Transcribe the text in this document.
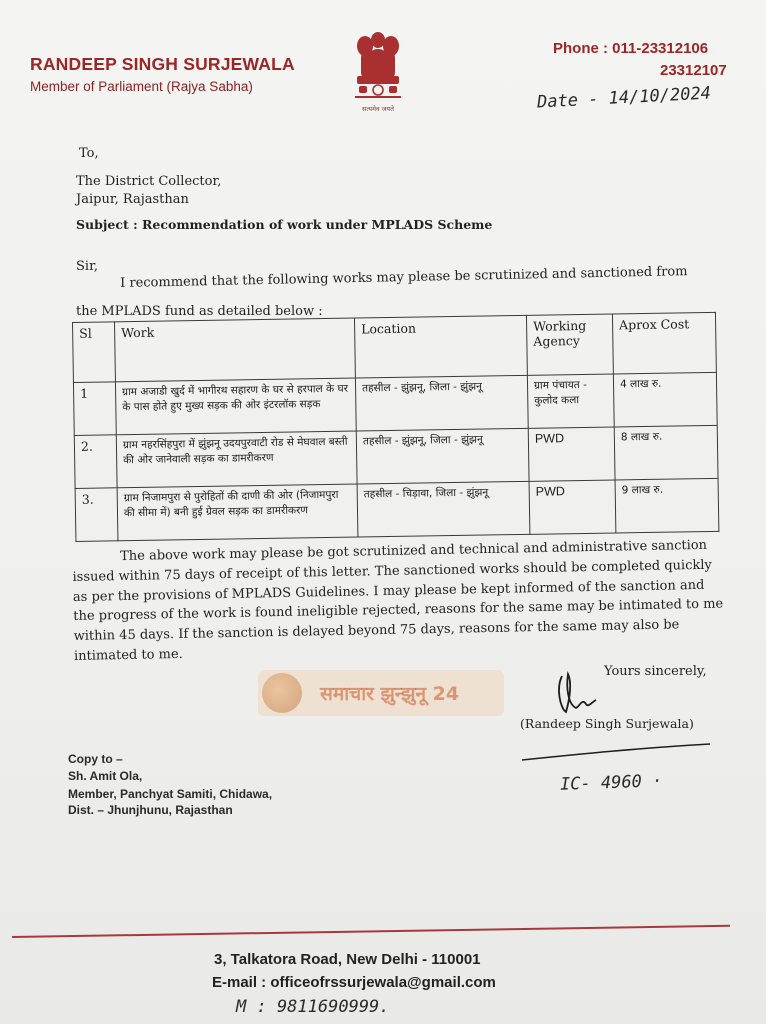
RANDEEP SINGH SURJEWALA
Member of Parliament (Rajya Sabha)
सत्यमेव जयते
Phone : 011-23312106
23312107
Date - 14/10/2024
To,
The District Collector,
Jaipur, Rajasthan
Subject : Recommendation of work under MPLADS Scheme
Sir, I recommend that the following works may please be scrutinized and sanctioned from
the MPLADS fund as detailed below :
Sl	Work	Location	Working Agency	Aprox Cost
1	ग्राम अजाडी खुर्द में भागीरथ सहारण के घर से हरपाल के घर के पास होते हुए मुख्य सड़क की ओर इंटरलॉक सड़क	तहसील - झुंझनू, जिला - झुंझनू	ग्राम पंचायत - कुलोद कला	4 लाख रु.
2.	ग्राम नहरसिंहपुरा में झुंझनू उदयपुरवाटी रोड से मेघवाल बस्ती की ओर जानेवाली सड़क का डामरीकरण	तहसील - झुंझनू, जिला - झुंझनू	PWD	8 लाख रु.
3.	ग्राम निजामपुरा से पुरोहितों की दाणी की ओर (निजामपुरा की सीमा में) बनी हुई ग्रेवल सड़क का डामरीकरण	तहसील - चिड़ावा, जिला - झुंझनू	PWD	9 लाख रु.
The above work may please be got scrutinized and technical and administrative sanction issued within 75 days of receipt of this letter. The sanctioned works should be completed quickly as per the provisions of MPLADS Guidelines. I may please be kept informed of the sanction and the progress of the work is found ineligible rejected, reasons for the same may be intimated to me within 45 days. If the sanction is delayed beyond 75 days, reasons for the same may also be intimated to me.
समाचार झुन्झुनू 24
Yours sincerely,
(Randeep Singh Surjewala)
IC- 4960 ·
Copy to –
Sh. Amit Ola,
Member, Panchyat Samiti, Chidawa,
Dist. – Jhunjhunu, Rajasthan
3, Talkatora Road, New Delhi - 110001
E-mail : officeofrssurjewala@gmail.com
M : 9811690999.
